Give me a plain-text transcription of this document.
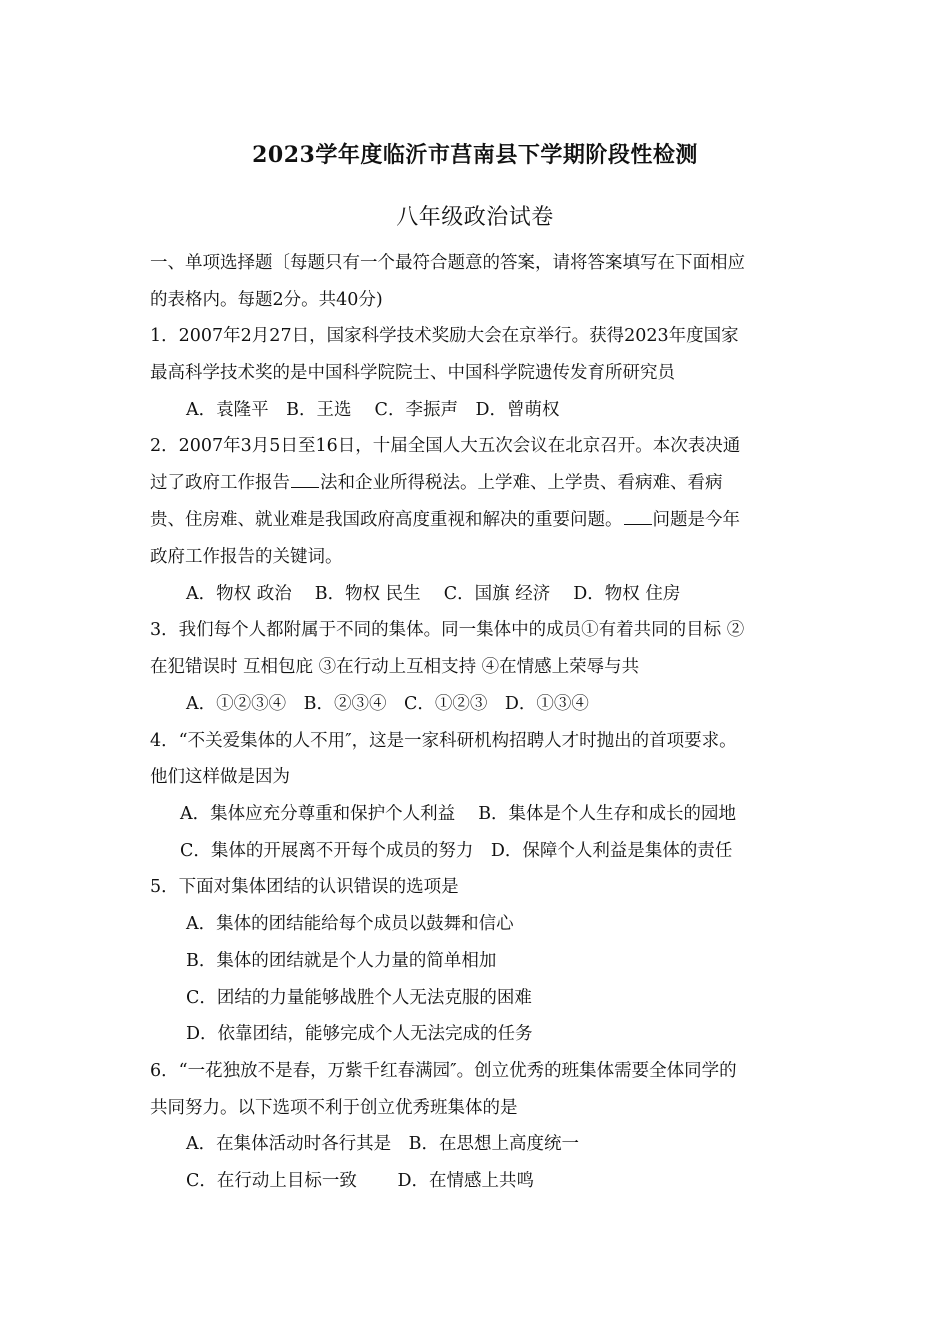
2023学年度临沂市莒南县下学期阶段性检测
八年级政治试卷
一、单项选择题〔每题只有一个最符合题意的答案，请将答案填写在下面相应
的表格内。每题2分。共40分)
1．2007年2月27日，国家科学技术奖励大会在京举行。获得2023年度国家
最高科学技术奖的是中国科学院院士、中国科学院遗传发育所研究员
A．袁隆平　B．王选　 C．李振声　D．曾萌权
2．2007年3月5日至16日，十届全国人大五次会议在北京召开。本次表决通
过了政府工作报告 法和企业所得税法。上学难、上学贵、看病难、看病
贵、住房难、就业难是我国政府高度重视和解决的重要问题。 问题是今年
政府工作报告的关键词。
A．物权 政治　 B．物权 民生　 C．国旗 经济　 D．物权 住房
3．我们每个人都附属于不同的集体。同一集体中的成员①有着共同的目标 ②
在犯错误时 互相包庇 ③在行动上互相支持 ④在情感上荣辱与共
A．①②③④　B．②③④　C．①②③　D．①③④
4．“不关爱集体的人不用″，这是一家科研机构招聘人才时抛出的首项要求。
他们这样做是因为
A．集体应充分尊重和保护个人利益　 B．集体是个人生存和成长的园地
C．集体的开展离不开每个成员的努力　D．保障个人利益是集体的责任
5．下面对集体团结的认识错误的选项是
A．集体的团结能给每个成员以鼓舞和信心
B．集体的团结就是个人力量的简单相加
C．团结的力量能够战胜个人无法克服的困难
D．依靠团结，能够完成个人无法完成的任务
6．“一花独放不是春，万紫千红春满园″。创立优秀的班集体需要全体同学的
共同努力。以下选项不利于创立优秀班集体的是
A．在集体活动时各行其是　B．在思想上高度统一
C．在行动上目标一致　　 D．在情感上共鸣
